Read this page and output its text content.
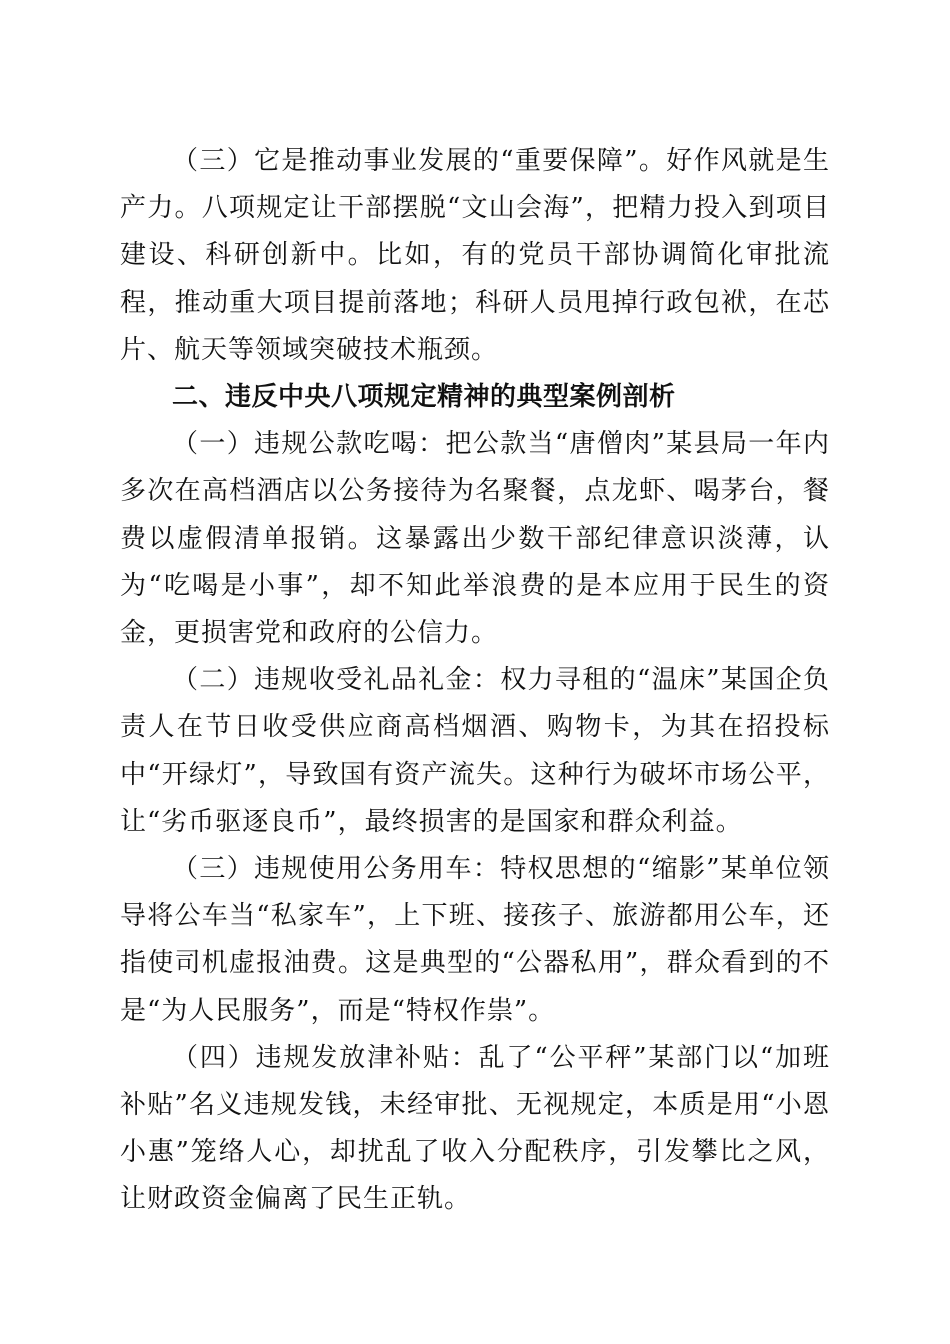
（三）它是推动事业发展的“重要保障”。好作风就是生产力。八项规定让干部摆脱“文山会海”，把精力投入到项目建设、科研创新中。比如，有的党员干部协调简化审批流程，推动重大项目提前落地；科研人员甩掉行政包袱，在芯片、航天等领域突破技术瓶颈。

二、违反中央八项规定精神的典型案例剖析

（一）违规公款吃喝：把公款当“唐僧肉”某县局一年内多次在高档酒店以公务接待为名聚餐，点龙虾、喝茅台，餐费以虚假清单报销。这暴露出少数干部纪律意识淡薄，认为“吃喝是小事”，却不知此举浪费的是本应用于民生的资金，更损害党和政府的公信力。

（二）违规收受礼品礼金：权力寻租的“温床”某国企负责人在节日收受供应商高档烟酒、购物卡，为其在招投标中“开绿灯”，导致国有资产流失。这种行为破坏市场公平，让“劣币驱逐良币”，最终损害的是国家和群众利益。

（三）违规使用公务用车：特权思想的“缩影”某单位领导将公车当“私家车”，上下班、接孩子、旅游都用公车，还指使司机虚报油费。这是典型的“公器私用”，群众看到的不是“为人民服务”，而是“特权作祟”。

（四）违规发放津补贴：乱了“公平秤”某部门以“加班补贴”名义违规发钱，未经审批、无视规定，本质是用“小恩小惠”笼络人心，却扰乱了收入分配秩序，引发攀比之风，让财政资金偏离了民生正轨。
